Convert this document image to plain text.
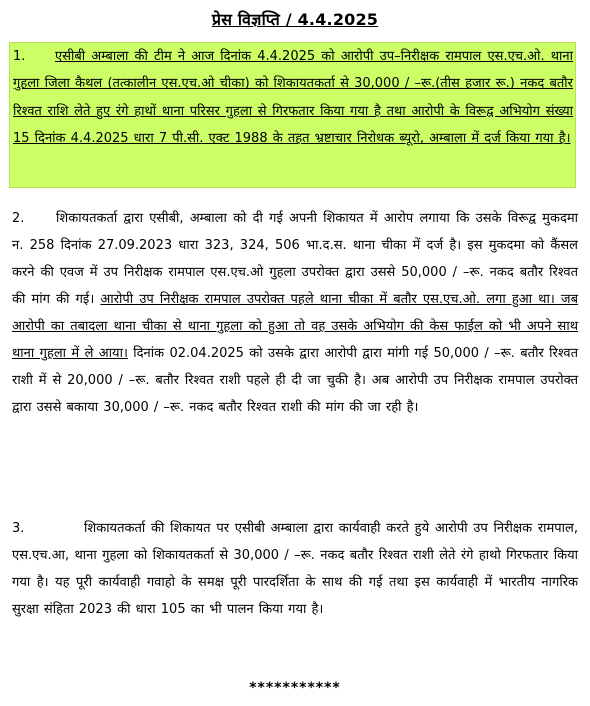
प्रेस विज्ञप्ति / 4.4.2025
1. एसीबी अम्बाला की टीम ने आज दिनांक 4.4.2025 को आरोपी उप–निरीक्षक रामपाल एस.एच.ओ. थाना गुहला जिला कैथल (तत्कालीन एस.एच.ओ चीका) को शिकायतकर्ता से 30,000 / –रू.(तीस हजार रू.) नकद बतौर रिश्वत राशि लेते हुए रंगे हाथों थाना परिसर गुहला से गिरफतार किया गया है तथा आरोपी के विरूद्व अभियोग संख्या 15 दिनांक 4.4.2025 धारा 7 पी.सी. एक्ट 1988 के तहत भ्रष्टाचार निरोधक ब्यूरो, अम्बाला में दर्ज किया गया है।
2. शिकायतकर्ता द्वारा एसीबी, अम्बाला को दी गई अपनी शिकायत में आरोप लगाया कि उसके विरूद्व मुकदमा न. 258 दिनांक 27.09.2023 धारा 323, 324, 506 भा.द.स. थाना चीका में दर्ज है। इस मुकदमा को कैंसल करने की एवज में उप निरीक्षक रामपाल एस.एच.ओ गुहला उपरोक्त द्वारा उससे 50,000 / –रू. नकद बतौर रिश्वत की मांग की गई। आरोपी उप निरीक्षक रामपाल उपरोक्त पहले थाना चीका में बतौर एस.एच.ओ. लगा हुआ था। जब आरोपी का तबादला थाना चीका से थाना गुहला को हुआ तो वह उसके अभियोग की केस फाईल को भी अपने साथ थाना गुहला में ले आया। दिनांक 02.04.2025 को उसके द्वारा आरोपी द्वारा मांगी गई 50,000 / –रू. बतौर रिश्वत राशी में से 20,000 / –रू. बतौर रिश्वत राशी पहले ही दी जा चुकी है। अब आरोपी उप निरीक्षक रामपाल उपरोक्त द्वारा उससे बकाया 30,000 / –रू. नकद बतौर रिश्वत राशी की मांग की जा रही है।
3.	शिकायतकर्ता की शिकायत पर एसीबी अम्बाला द्वारा कार्यवाही करते हुये आरोपी उप निरीक्षक रामपाल, एस.एच.आ, थाना गुहला को शिकायतकर्ता से 30,000 / –रू. नकद बतौर रिश्वत राशी लेते रंगे हाथो गिरफतार किया गया है। यह पूरी कार्यवाही गवाहो के समक्ष पूरी पारदर्शिता के साथ की गई तथा इस कार्यवाही में भारतीय नागरिक सुरक्षा संहिता 2023 की धारा 105 का भी पालन किया गया है।
***********
